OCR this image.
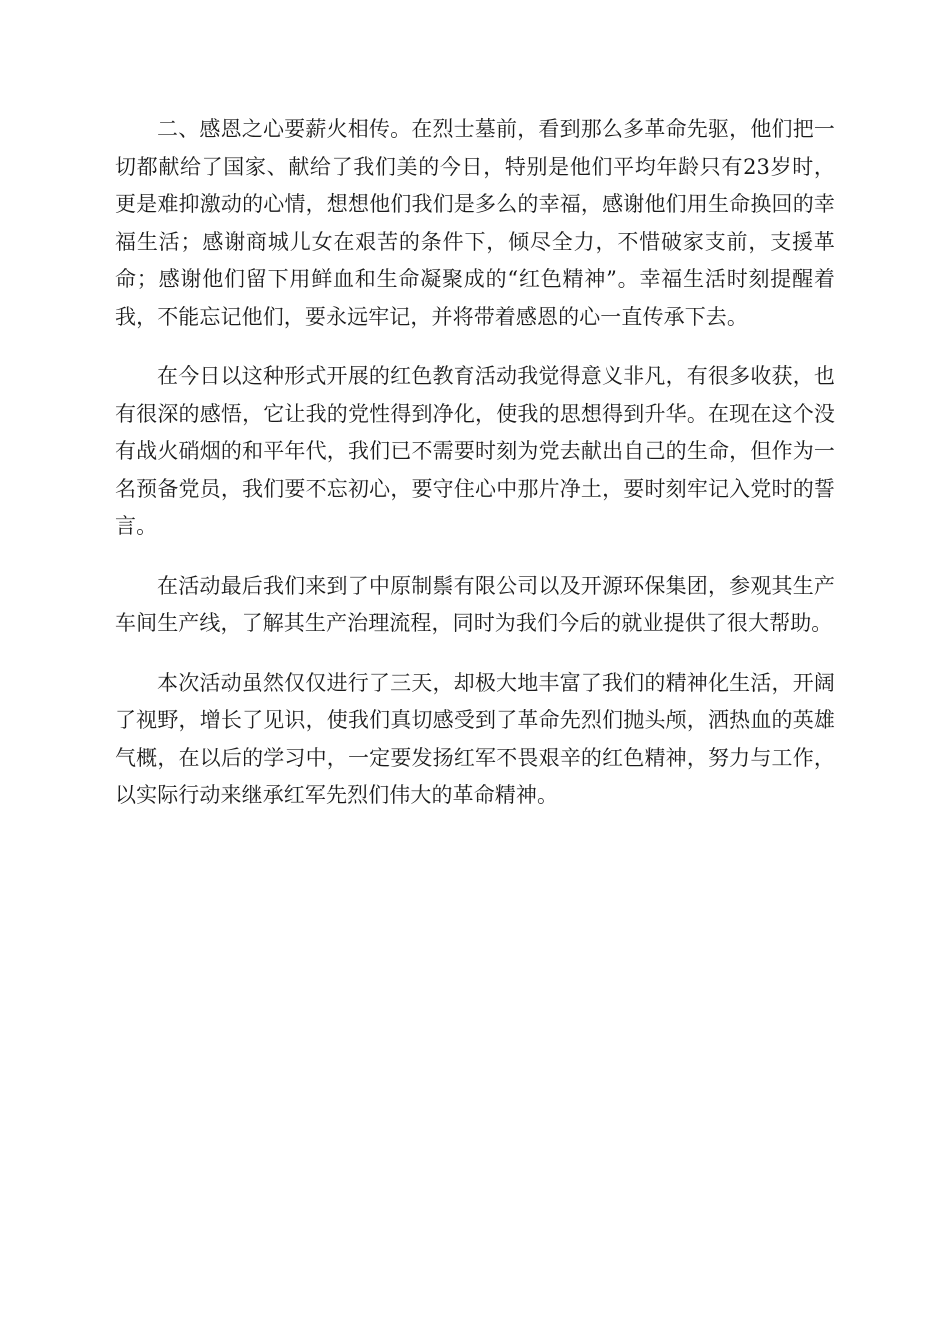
二、感恩之心要薪火相传。在烈士墓前，看到那么多革命先驱，他们把一切都献给了国家、献给了我们美的今日，特别是他们平均年龄只有23岁时，更是难抑激动的心情，想想他们我们是多么的幸福，感谢他们用生命换回的幸福生活；感谢商城儿女在艰苦的条件下，倾尽全力，不惜破家支前，支援革命；感谢他们留下用鲜血和生命凝聚成的“红色精神”。幸福生活时刻提醒着我，不能忘记他们，要永远牢记，并将带着感恩的心一直传承下去。

在今日以这种形式开展的红色教育活动我觉得意义非凡，有很多收获，也有很深的感悟，它让我的党性得到净化，使我的思想得到升华。在现在这个没有战火硝烟的和平年代，我们已不需要时刻为党去献出自己的生命，但作为一名预备党员，我们要不忘初心，要守住心中那片净土，要时刻牢记入党时的誓言。

在活动最后我们来到了中原制鬃有限公司以及开源环保集团，参观其生产车间生产线，了解其生产治理流程，同时为我们今后的就业提供了很大帮助。

本次活动虽然仅仅进行了三天，却极大地丰富了我们的精神化生活，开阔了视野，增长了见识，使我们真切感受到了革命先烈们抛头颅，洒热血的英雄气概，在以后的学习中，一定要发扬红军不畏艰辛的红色精神，努力与工作，以实际行动来继承红军先烈们伟大的革命精神。
